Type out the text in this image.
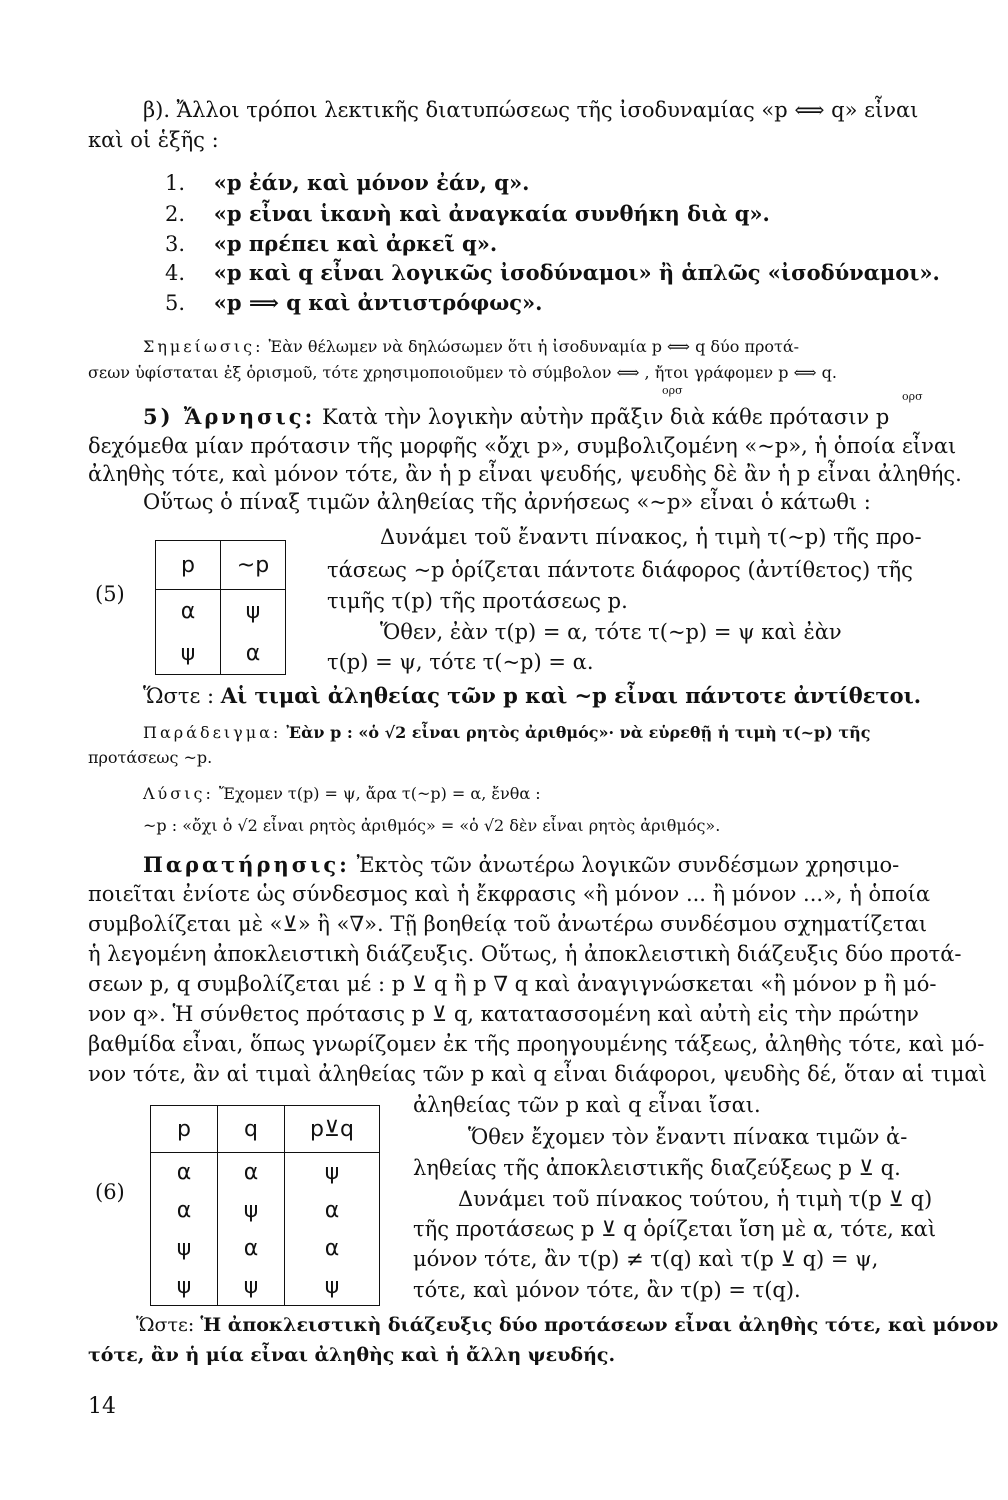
β). Ἄλλοι τρόποι λεκτικῆς διατυπώσεως τῆς ἰσοδυναμίας «p ⟺ q» εἶναι
καὶ οἱ ἑξῆς :
1. «p ἐάν, καὶ μόνον ἐάν, q».
2. «p εἶναι ἱκανὴ καὶ ἀναγκαία συνθήκη διὰ q».
3. «p πρέπει καὶ ἀρκεῖ q».
4. «p καὶ q εἶναι λογικῶς ἰσοδύναμοι» ἢ ἁπλῶς «ἰσοδύναμοι».
5. «p ⟹ q καὶ ἀντιστρόφως».
Σημείωσις: Ἐὰν θέλωμεν νὰ δηλώσωμεν ὅτι ἡ ἰσοδυναμία p ⟺ q δύο προτά-
σεων ὑφίσταται ἐξ ὁρισμοῦ, τότε χρησιμοποιοῦμεν τὸ σύμβολον ⟺ , ἤτοι γράφομεν p ⟺ q.
ορσ	ορσ
5) Ἄρνησις: Κατὰ τὴν λογικὴν αὐτὴν πρᾶξιν διὰ κάθε πρότασιν p
δεχόμεθα μίαν πρότασιν τῆς μορφῆς «ὄχι p», συμβολιζομένη «~p», ἡ ὁποία εἶναι
ἀληθὴς τότε, καὶ μόνον τότε, ἂν ἡ p εἶναι ψευδής, ψευδὴς δὲ ἂν ἡ p εἶναι ἀληθής.
Οὕτως ὁ πίναξ τιμῶν ἀληθείας τῆς ἀρνήσεως «~p» εἶναι ὁ κάτωθι :
(5)
p	~p
α	ψ
ψ	α
Δυνάμει τοῦ ἔναντι πίνακος, ἡ τιμὴ τ(~p) τῆς προ-
τάσεως ~p ὁρίζεται πάντοτε διάφορος (ἀντίθετος) τῆς
τιμῆς τ(p) τῆς προτάσεως p.
Ὅθεν, ἐὰν τ(p) = α, τότε τ(~p) = ψ καὶ ἐὰν
τ(p) = ψ, τότε τ(~p) = α.
Ὥστε : Αἱ τιμαὶ ἀληθείας τῶν p καὶ ~p εἶναι πάντοτε ἀντίθετοι.
Παράδειγμα: Ἐὰν p : «ὁ √2 εἶναι ρητὸς ἀριθμός»· νὰ εὑρεθῇ ἡ τιμὴ τ(~p) τῆς
προτάσεως ~p.
Λύσις: Ἔχομεν τ(p) = ψ, ἄρα τ(~p) = α, ἔνθα :
~p : «ὄχι ὁ √2 εἶναι ρητὸς ἀριθμός» = «ὁ √2 δὲν εἶναι ρητὸς ἀριθμός».
Παρατήρησις: Ἐκτὸς τῶν ἀνωτέρω λογικῶν συνδέσμων χρησιμο-
ποιεῖται ἐνίοτε ὡς σύνδεσμος καὶ ἡ ἔκφρασις «ἢ μόνον ... ἢ μόνον ...», ἡ ὁποία
συμβολίζεται μὲ «⊻» ἢ «∇». Τῇ βοηθείᾳ τοῦ ἀνωτέρω συνδέσμου σχηματίζεται
ἡ λεγομένη ἀποκλειστικὴ διάζευξις. Οὕτως, ἡ ἀποκλειστικὴ διάζευξις δύο προτά-
σεων p, q συμβολίζεται μέ : p ⊻ q ἢ p ∇ q καὶ ἀναγιγνώσκεται «ἢ μόνον p ἢ μό-
νον q». Ἡ σύνθετος πρότασις p ⊻ q, κατατασσομένη καὶ αὐτὴ εἰς τὴν πρώτην
βαθμίδα εἶναι, ὅπως γνωρίζομεν ἐκ τῆς προηγουμένης τάξεως, ἀληθὴς τότε, καὶ μό-
νον τότε, ἂν αἱ τιμαὶ ἀληθείας τῶν p καὶ q εἶναι διάφοροι, ψευδὴς δέ, ὅταν αἱ τιμαὶ
(6)
p	q	p⊻q
α	α	ψ
α	ψ	α
ψ	α	α
ψ	ψ	ψ
ἀληθείας τῶν p καὶ q εἶναι ἴσαι.
Ὅθεν ἔχομεν τὸν ἔναντι πίνακα τιμῶν ἀ-
ληθείας τῆς ἀποκλειστικῆς διαζεύξεως p ⊻ q.
Δυνάμει τοῦ πίνακος τούτου, ἡ τιμὴ τ(p ⊻ q)
τῆς προτάσεως p ⊻ q ὁρίζεται ἴση μὲ α, τότε, καὶ
μόνον τότε, ἂν τ(p) ≠ τ(q) καὶ τ(p ⊻ q) = ψ,
τότε, καὶ μόνον τότε, ἂν τ(p) = τ(q).
Ὥστε: Ἡ ἀποκλειστικὴ διάζευξις δύο προτάσεων εἶναι ἀληθὴς τότε, καὶ μόνον
τότε, ἂν ἡ μία εἶναι ἀληθὴς καὶ ἡ ἄλλη ψευδής.
14
